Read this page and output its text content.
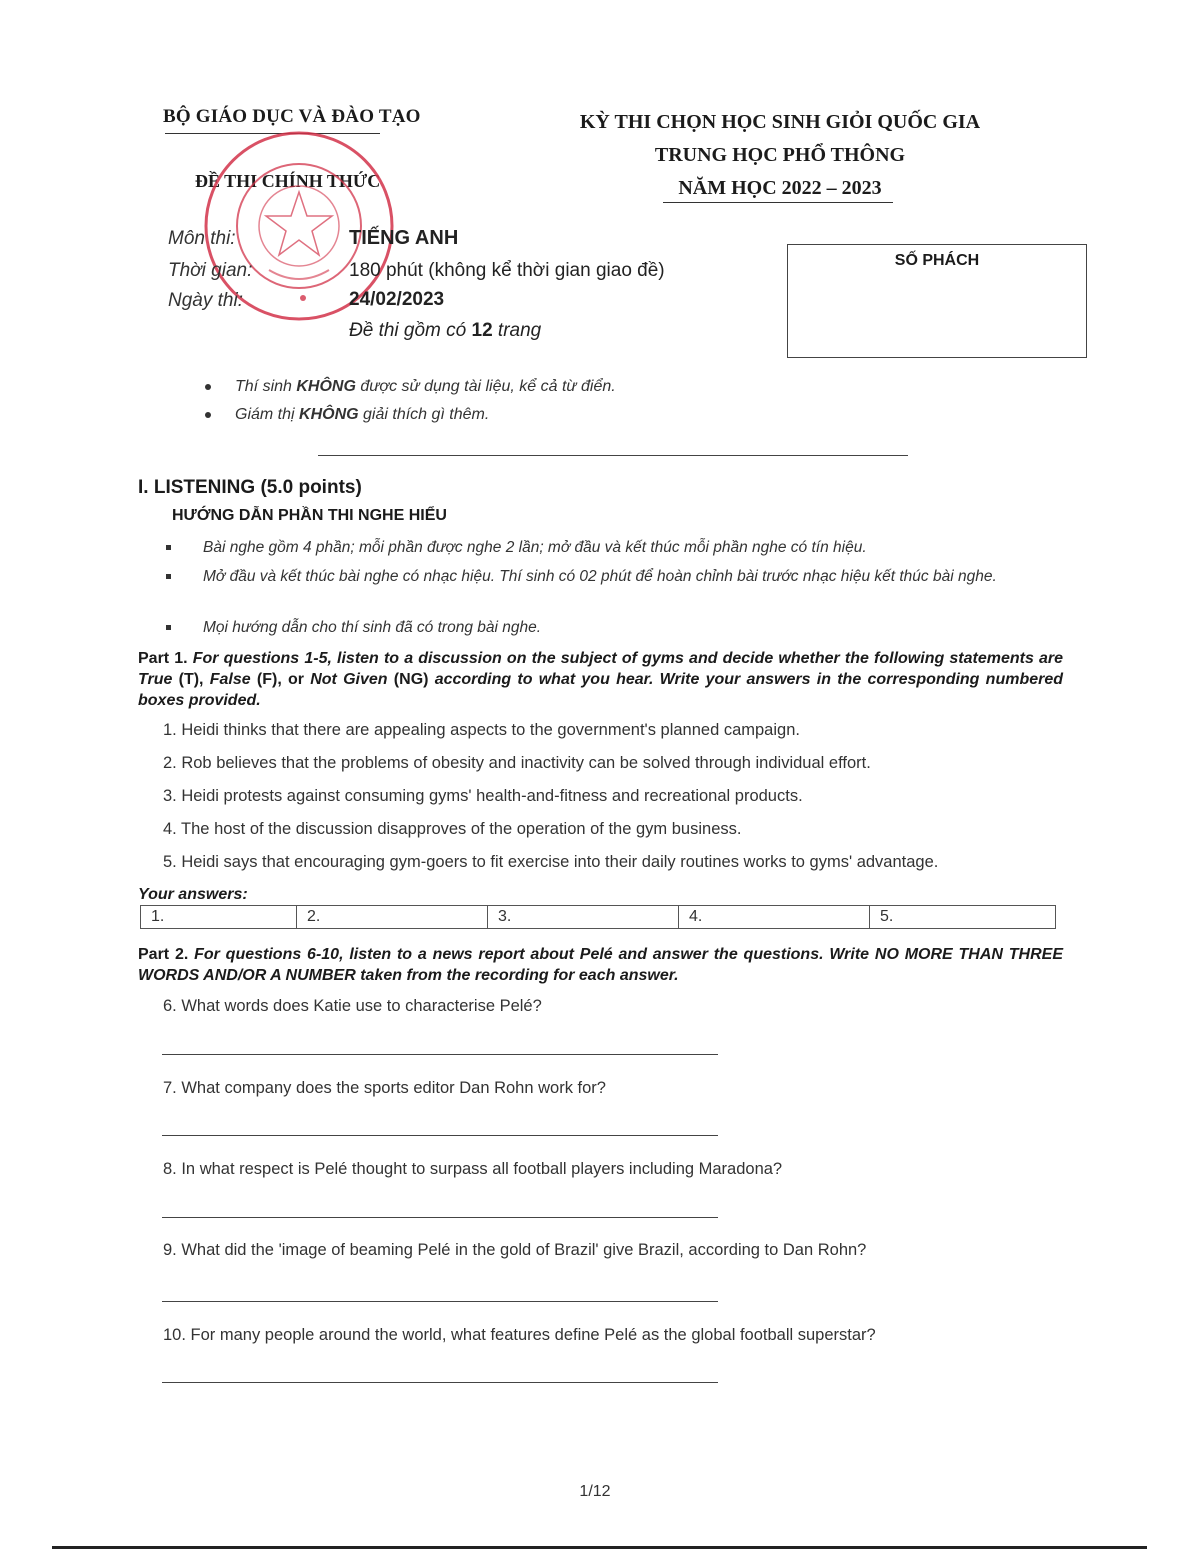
BỘ GIÁO DỤC VÀ ĐÀO TẠO
ĐỀ THI CHÍNH THỨC
KỲ THI CHỌN HỌC SINH GIỎI QUỐC GIA
TRUNG HỌC PHỔ THÔNG
NĂM HỌC 2022 – 2023
Môn thi:	TIẾNG ANH
Thời gian:	180 phút (không kể thời gian giao đề)
Ngày thi:	24/02/2023
Đề thi gồm có 12 trang
SỐ PHÁCH
Thí sinh KHÔNG được sử dụng tài liệu, kể cả từ điển.
Giám thị KHÔNG giải thích gì thêm.
I. LISTENING (5.0 points)
HƯỚNG DẪN PHẦN THI NGHE HIỂU
Bài nghe gồm 4 phần; mỗi phần được nghe 2 lần; mở đầu và kết thúc mỗi phần nghe có tín hiệu.
Mở đầu và kết thúc bài nghe có nhạc hiệu. Thí sinh có 02 phút để hoàn chỉnh bài trước nhạc hiệu kết thúc bài nghe.
Mọi hướng dẫn cho thí sinh đã có trong bài nghe.
Part 1. For questions 1-5, listen to a discussion on the subject of gyms and decide whether the following statements are True (T), False (F), or Not Given (NG) according to what you hear. Write your answers in the corresponding numbered boxes provided.
1. Heidi thinks that there are appealing aspects to the government's planned campaign.
2. Rob believes that the problems of obesity and inactivity can be solved through individual effort.
3. Heidi protests against consuming gyms' health-and-fitness and recreational products.
4. The host of the discussion disapproves of the operation of the gym business.
5. Heidi says that encouraging gym-goers to fit exercise into their daily routines works to gyms' advantage.
Your answers:
1.	2.	3.	4.	5.
Part 2. For questions 6-10, listen to a news report about Pelé and answer the questions. Write NO MORE THAN THREE WORDS AND/OR A NUMBER taken from the recording for each answer.
6. What words does Katie use to characterise Pelé?
7. What company does the sports editor Dan Rohn work for?
8. In what respect is Pelé thought to surpass all football players including Maradona?
9. What did the 'image of beaming Pelé in the gold of Brazil' give Brazil, according to Dan Rohn?
10. For many people around the world, what features define Pelé as the global football superstar?
1/12
